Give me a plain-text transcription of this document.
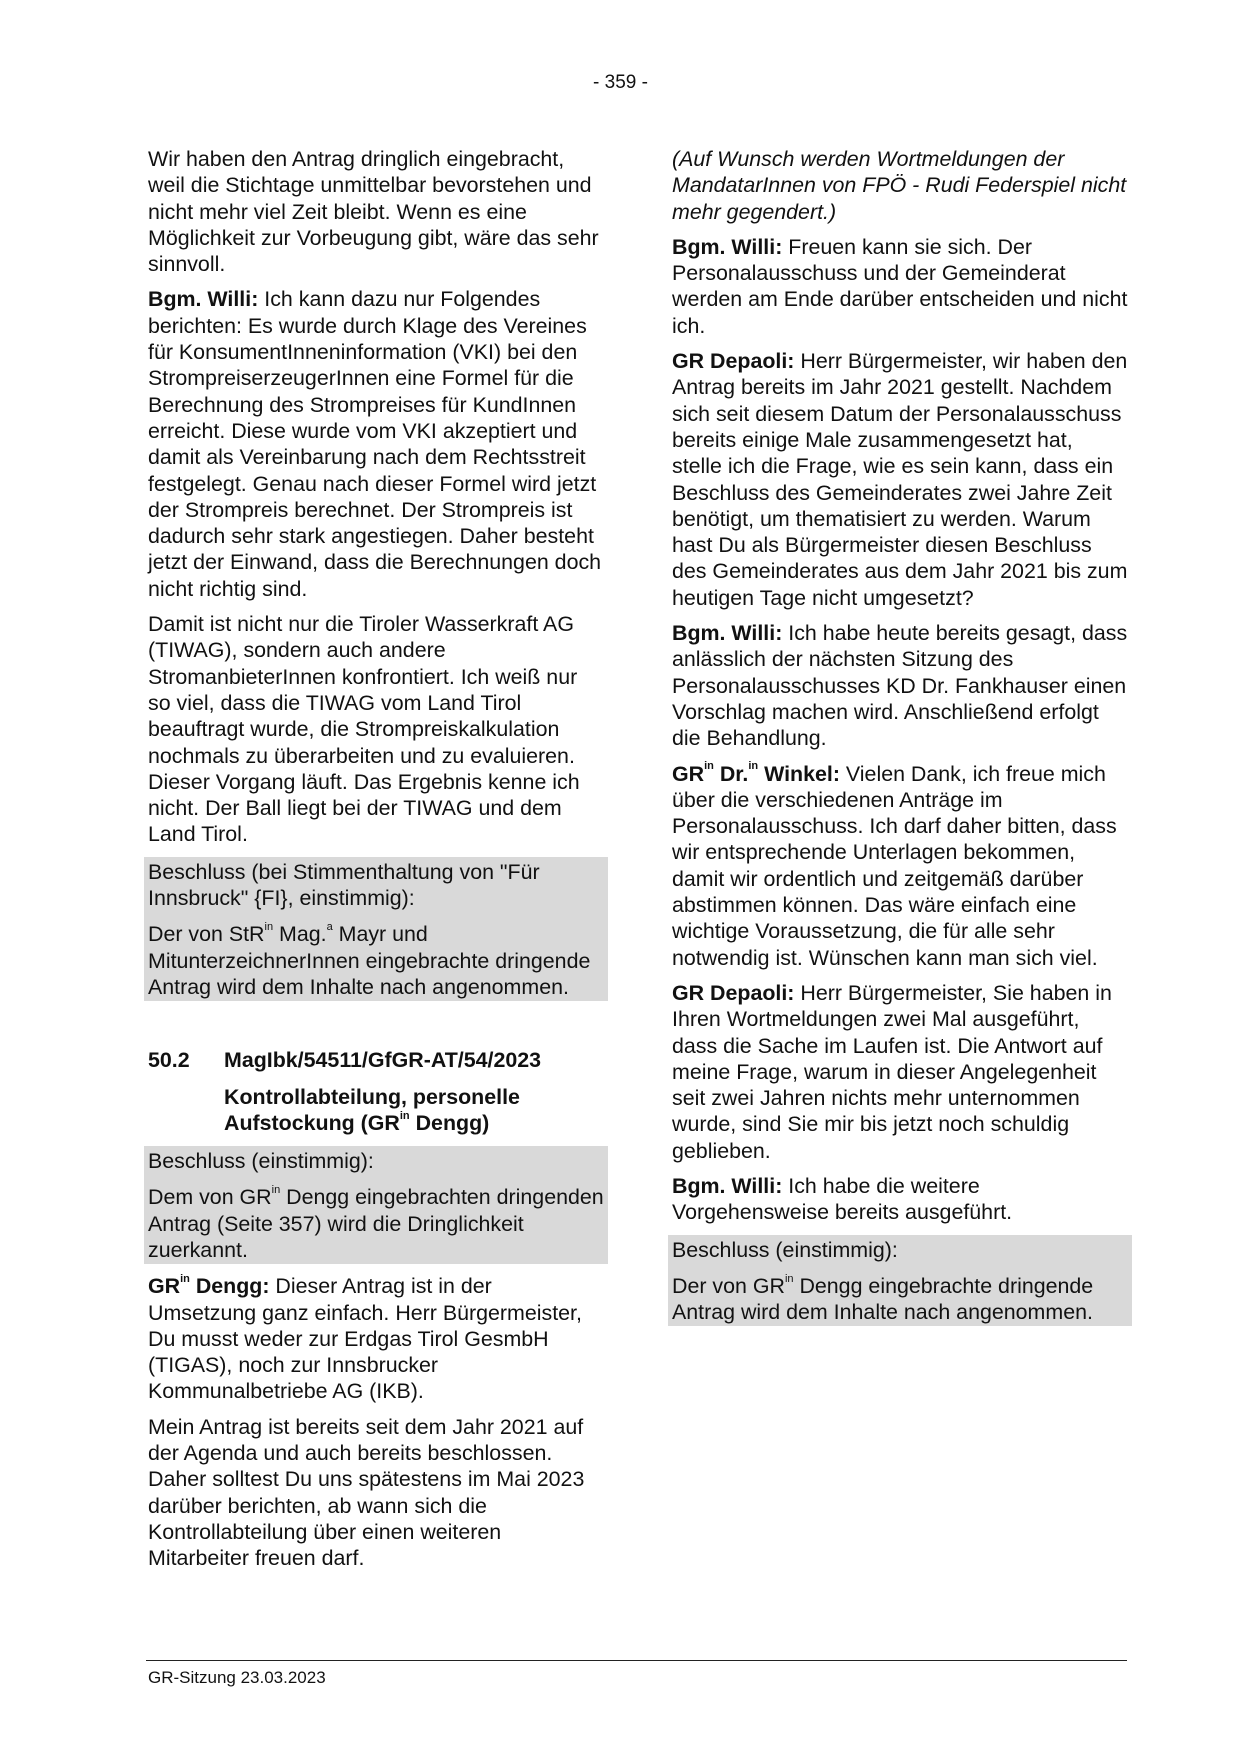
- 359 -

Wir haben den Antrag dringlich eingebracht, weil die Stichtage unmittelbar bevorstehen und nicht mehr viel Zeit bleibt. Wenn es eine Möglichkeit zur Vorbeugung gibt, wäre das sehr sinnvoll.

Bgm. Willi: Ich kann dazu nur Folgendes berichten: Es wurde durch Klage des Vereines für KonsumentInneninformation (VKI) bei den StrompreiserzeugerInnen eine Formel für die Berechnung des Strompreises für KundInnen erreicht. Diese wurde vom VKI akzeptiert und damit als Vereinbarung nach dem Rechtsstreit festgelegt. Genau nach dieser Formel wird jetzt der Strompreis berechnet. Der Strompreis ist dadurch sehr stark angestiegen. Daher besteht jetzt der Einwand, dass die Berechnungen doch nicht richtig sind.

Damit ist nicht nur die Tiroler Wasserkraft AG (TIWAG), sondern auch andere StromanbieterInnen konfrontiert. Ich weiß nur so viel, dass die TIWAG vom Land Tirol beauftragt wurde, die Strompreiskalkulation nochmals zu überarbeiten und zu evaluieren. Dieser Vorgang läuft. Das Ergebnis kenne ich nicht. Der Ball liegt bei der TIWAG und dem Land Tirol.

Beschluss (bei Stimmenthaltung von "Für Innsbruck" {FI}, einstimmig):

Der von StR$^{in}$ Mag.$^a$ Mayr und MitunterzeichnerInnen eingebrachte dringende Antrag wird dem Inhalte nach angenommen.

50.2	MagIbk/54511/GfGR-AT/54/2023
Kontrollabteilung, personelle Aufstockung ($GR^{in}$ Dengg)

Beschluss (einstimmig):

Dem von $GR^{in}$ Dengg eingebrachten dringenden Antrag (Seite 357) wird die Dringlichkeit zuerkannt.

$GR^{in}$ Dengg: Dieser Antrag ist in der Umsetzung ganz einfach. Herr Bürgermeister, Du musst weder zur Erdgas Tirol GesmbH (TIGAS), noch zur Innsbrucker Kommunalbetriebe AG (IKB).

Mein Antrag ist bereits seit dem Jahr 2021 auf der Agenda und auch bereits beschlossen. Daher solltest Du uns spätestens im Mai 2023 darüber berichten, ab wann sich die Kontrollabteilung über einen weiteren Mitarbeiter freuen darf.

(Auf Wunsch werden Wortmeldungen der MandatarInnen von FPÖ - Rudi Federspiel nicht mehr gegendert.)

Bgm. Willi: Freuen kann sie sich. Der Personalausschuss und der Gemeinderat werden am Ende darüber entscheiden und nicht ich.

GR Depaoli: Herr Bürgermeister, wir haben den Antrag bereits im Jahr 2021 gestellt. Nachdem sich seit diesem Datum der Personalausschuss bereits einige Male zusammengesetzt hat, stelle ich die Frage, wie es sein kann, dass ein Beschluss des Gemeinderates zwei Jahre Zeit benötigt, um thematisiert zu werden. Warum hast Du als Bürgermeister diesen Beschluss des Gemeinderates aus dem Jahr 2021 bis zum heutigen Tage nicht umgesetzt?

Bgm. Willi: Ich habe heute bereits gesagt, dass anlässlich der nächsten Sitzung des Personalausschusses KD Dr. Fankhauser einen Vorschlag machen wird. Anschließend erfolgt die Behandlung.

$GR^{in}$ Dr.$^{in}$ Winkel: Vielen Dank, ich freue mich über die verschiedenen Anträge im Personalausschuss. Ich darf daher bitten, dass wir entsprechende Unterlagen bekommen, damit wir ordentlich und zeitgemäß darüber abstimmen können. Das wäre einfach eine wichtige Voraussetzung, die für alle sehr notwendig ist. Wünschen kann man sich viel.

GR Depaoli: Herr Bürgermeister, Sie haben in Ihren Wortmeldungen zwei Mal ausgeführt, dass die Sache im Laufen ist. Die Antwort auf meine Frage, warum in dieser Angelegenheit seit zwei Jahren nichts mehr unternommen wurde, sind Sie mir bis jetzt noch schuldig geblieben.

Bgm. Willi: Ich habe die weitere Vorgehensweise bereits ausgeführt.

Beschluss (einstimmig):

Der von $GR^{in}$ Dengg eingebrachte dringende Antrag wird dem Inhalte nach angenommen.

GR-Sitzung 23.03.2023
